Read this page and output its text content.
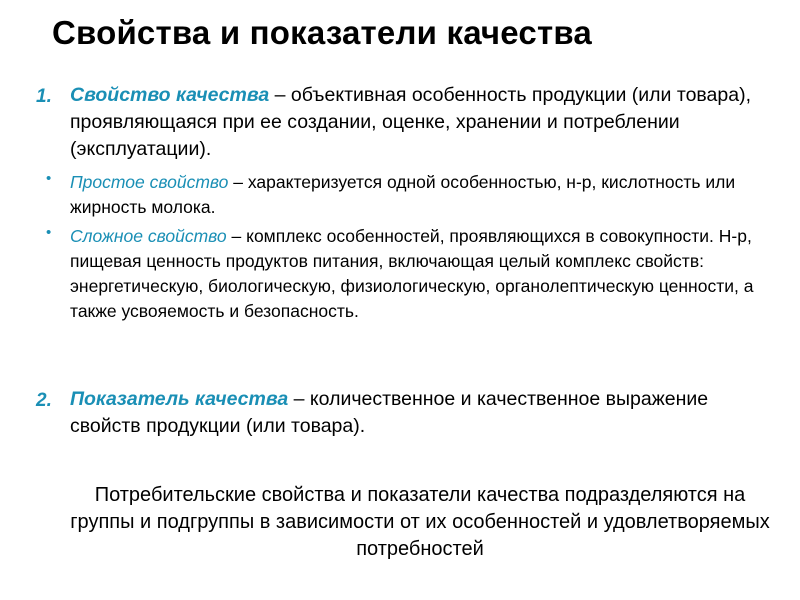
Свойства и показатели качества
1. Свойство качества – объективная особенность продукции (или товара), проявляющаяся при ее создании, оценке, хранении и потреблении (эксплуатации).
• Простое свойство – характеризуется одной особенностью, н-р, кислотность или жирность молока.
• Сложное свойство – комплекс особенностей, проявляющихся в совокупности. Н-р, пищевая ценность продуктов питания, включающая целый комплекс свойств: энергетическую, биологическую, физиологическую, органолептическую ценности, а также усвояемость и безопасность.
2. Показатель качества – количественное и качественное выражение свойств продукции (или товара).
Потребительские свойства и показатели качества подразделяются на группы и подгруппы в зависимости от их особенностей и удовлетворяемых потребностей
